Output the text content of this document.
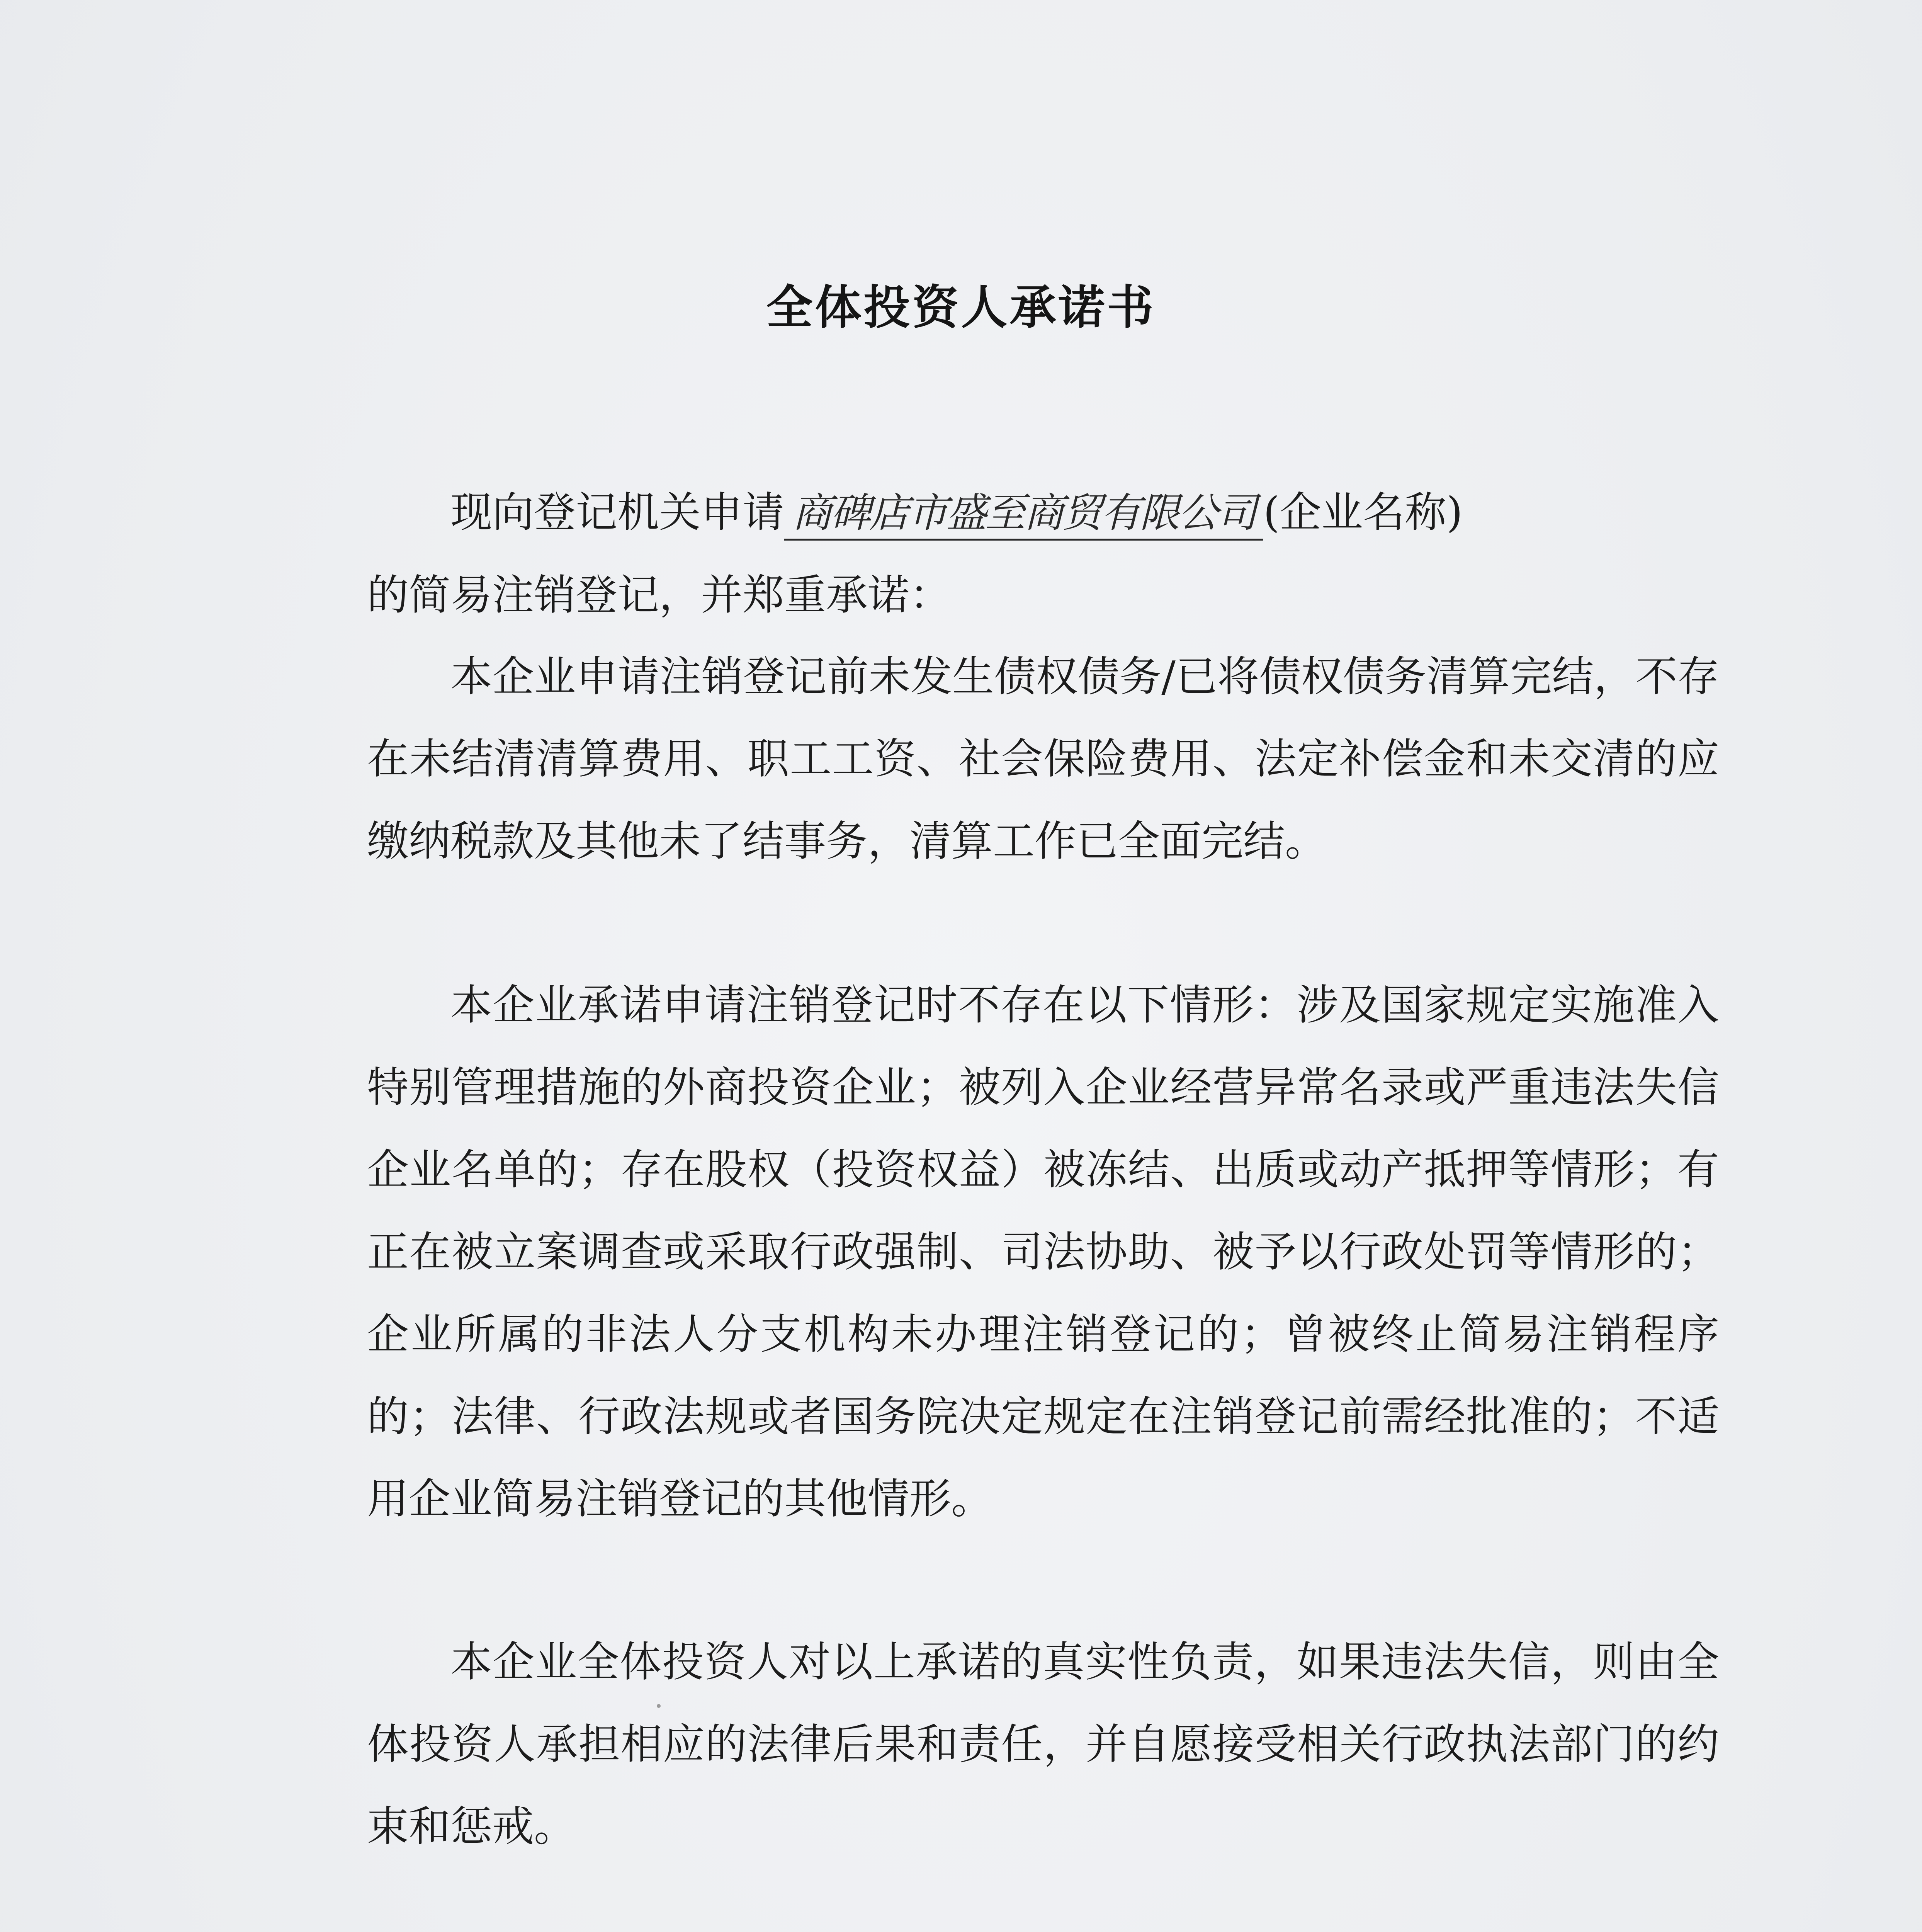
全体投资人承诺书

现向登记机关申请 商碑店市盛至商贸有限公司 (企业名称)

的简易注销登记，并郑重承诺：

本企业申请注销登记前未发生债权债务/已将债权债务清算完结，不存在未结清清算费用、职工工资、社会保险费用、法定补偿金和未交清的应缴纳税款及其他未了结事务，清算工作已全面完结。

本企业承诺申请注销登记时不存在以下情形：涉及国家规定实施准入特别管理措施的外商投资企业；被列入企业经营异常名录或严重违法失信企业名单的；存在股权（投资权益）被冻结、出质或动产抵押等情形；有正在被立案调查或采取行政强制、司法协助、被予以行政处罚等情形的；企业所属的非法人分支机构未办理注销登记的；曾被终止简易注销程序的；法律、行政法规或者国务院决定规定在注销登记前需经批准的；不适用企业简易注销登记的其他情形。

本企业全体投资人对以上承诺的真实性负责，如果违法失信，则由全体投资人承担相应的法律后果和责任，并自愿接受相关行政执法部门的约束和惩戒。
